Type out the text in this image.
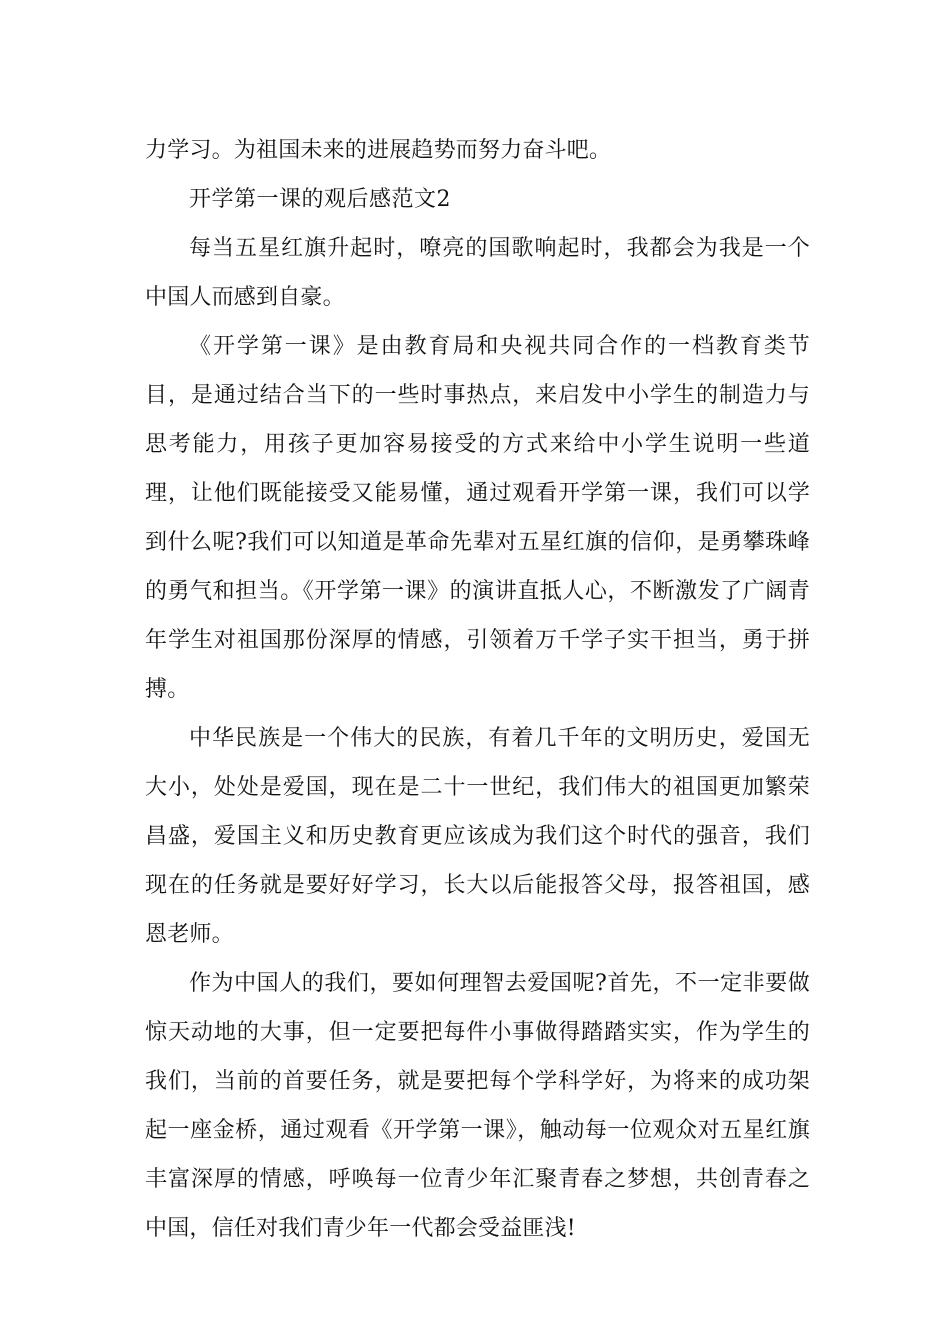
力学习。为祖国未来的进展趋势而努力奋斗吧。

开学第一课的观后感范文2

每当五星红旗升起时，嘹亮的国歌响起时，我都会为我是一个中国人而感到自豪。

《开学第一课》是由教育局和央视共同合作的一档教育类节目，是通过结合当下的一些时事热点，来启发中小学生的制造力与思考能力，用孩子更加容易接受的方式来给中小学生说明一些道理，让他们既能接受又能易懂，通过观看开学第一课，我们可以学到什么呢?我们可以知道是革命先辈对五星红旗的信仰，是勇攀珠峰的勇气和担当。《开学第一课》的演讲直抵人心，不断激发了广阔青年学生对祖国那份深厚的情感，引领着万千学子实干担当，勇于拼搏。

中华民族是一个伟大的民族，有着几千年的文明历史，爱国无大小，处处是爱国，现在是二十一世纪，我们伟大的祖国更加繁荣昌盛，爱国主义和历史教育更应该成为我们这个时代的强音，我们现在的任务就是要好好学习，长大以后能报答父母，报答祖国，感恩老师。

作为中国人的我们，要如何理智去爱国呢?首先，不一定非要做惊天动地的大事，但一定要把每件小事做得踏踏实实，作为学生的我们，当前的首要任务，就是要把每个学科学好，为将来的成功架起一座金桥，通过观看《开学第一课》，触动每一位观众对五星红旗丰富深厚的情感，呼唤每一位青少年汇聚青春之梦想，共创青春之中国，信任对我们青少年一代都会受益匪浅!
